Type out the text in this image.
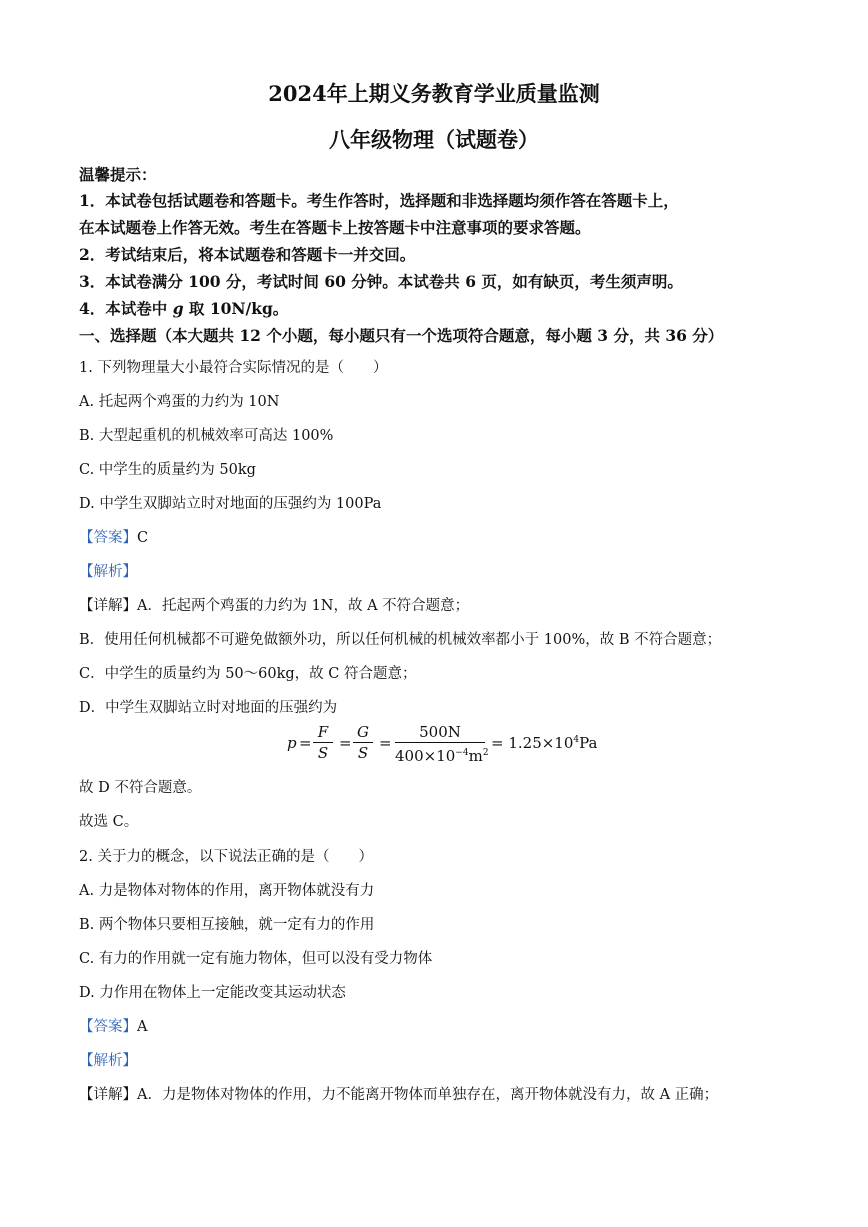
2024年上期义务教育学业质量监测
八年级物理（试题卷）
温馨提示：
1．本试卷包括试题卷和答题卡。考生作答时，选择题和非选择题均须作答在答题卡上，
在本试题卷上作答无效。考生在答题卡上按答题卡中注意事项的要求答题。
2．考试结束后，将本试题卷和答题卡一并交回。
3．本试卷满分 100 分，考试时间 60 分钟。本试卷共 6 页，如有缺页，考生须声明。
4．本试卷中 g 取 10N/kg。
一、选择题（本大题共 12 个小题，每小题只有一个选项符合题意，每小题 3 分，共 36 分）
1. 下列物理量大小最符合实际情况的是（　　）
A. 托起两个鸡蛋的力约为 10N
B. 大型起重机的机械效率可高达 100%
C. 中学生的质量约为 50kg
D. 中学生双脚站立时对地面的压强约为 100Pa
【答案】C
【解析】
【详解】A．托起两个鸡蛋的力约为 1N，故 A 不符合题意；
B．使用任何机械都不可避免做额外功，所以任何机械的机械效率都小于 100%，故 B 不符合题意；
C．中学生的质量约为 50～60kg，故 C 符合题意；
D．中学生双脚站立时对地面的压强约为
$p = \frac{F}{S} = \frac{G}{S} = \frac{500N}{400\times 10^{-4}m^2} = 1.25\times 10^4Pa$
故 D 不符合题意。
故选 C。
2. 关于力的概念，以下说法正确的是（　　）
A. 力是物体对物体的作用，离开物体就没有力
B. 两个物体只要相互接触，就一定有力的作用
C. 有力的作用就一定有施力物体，但可以没有受力物体
D. 力作用在物体上一定能改变其运动状态
【答案】A
【解析】
【详解】A．力是物体对物体的作用，力不能离开物体而单独存在，离开物体就没有力，故 A 正确；
